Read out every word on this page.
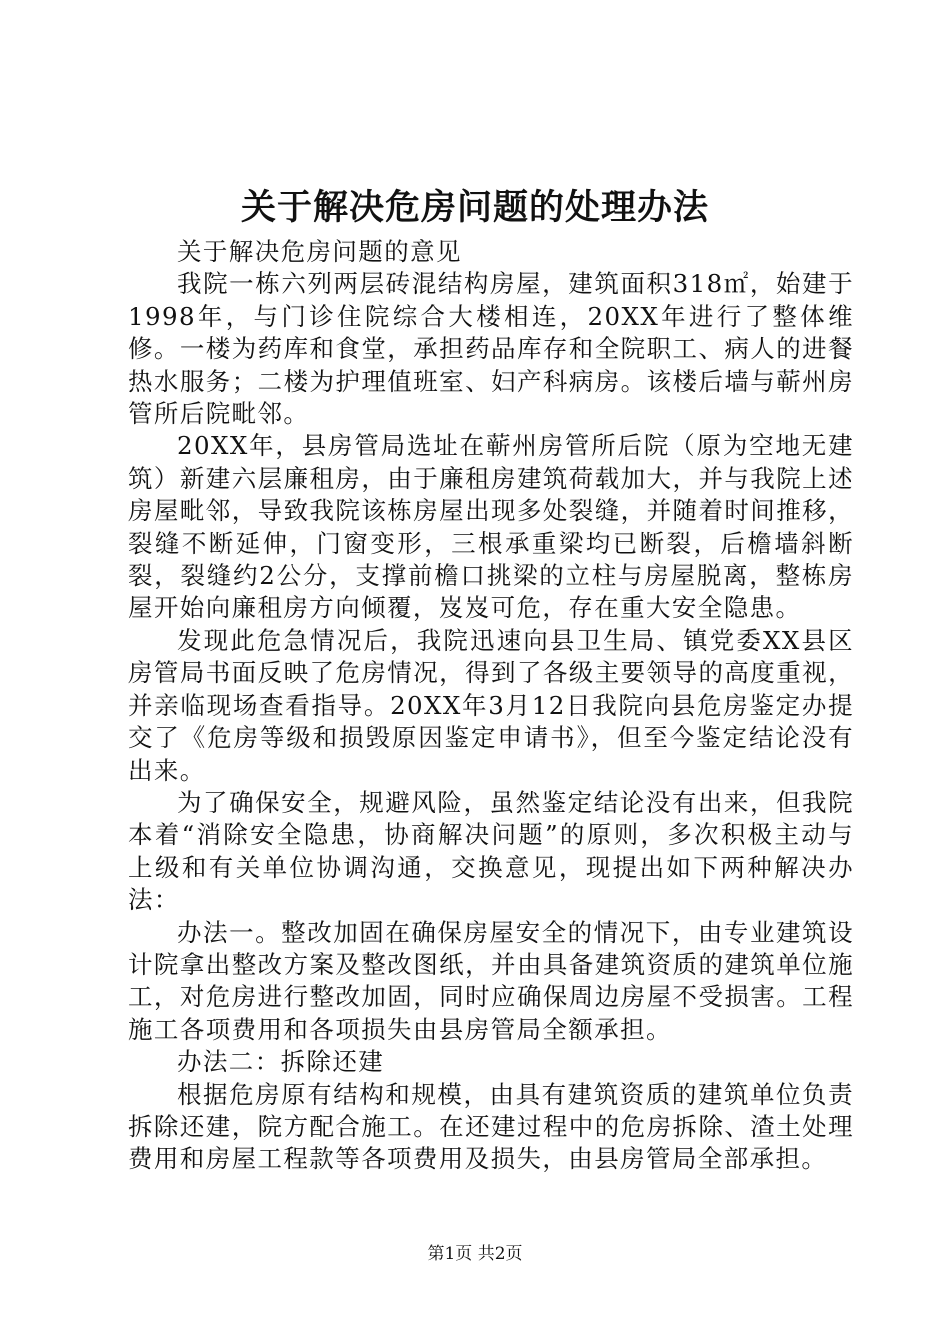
关于解决危房问题的处理办法

关于解决危房问题的意见

我院一栋六列两层砖混结构房屋，建筑面积318㎡，始建于1998年，与门诊住院综合大楼相连，20XX年进行了整体维修。一楼为药库和食堂，承担药品库存和全院职工、病人的进餐热水服务；二楼为护理值班室、妇产科病房。该楼后墙与蕲州房管所后院毗邻。

20XX年，县房管局选址在蕲州房管所后院（原为空地无建筑）新建六层廉租房，由于廉租房建筑荷载加大，并与我院上述房屋毗邻，导致我院该栋房屋出现多处裂缝，并随着时间推移，裂缝不断延伸，门窗变形，三根承重梁均已断裂，后檐墙斜断裂，裂缝约2公分，支撑前檐口挑梁的立柱与房屋脱离，整栋房屋开始向廉租房方向倾覆，岌岌可危，存在重大安全隐患。

发现此危急情况后，我院迅速向县卫生局、镇党委XX县区房管局书面反映了危房情况，得到了各级主要领导的高度重视，并亲临现场查看指导。20XX年3月12日我院向县危房鉴定办提交了《危房等级和损毁原因鉴定申请书》，但至今鉴定结论没有出来。

为了确保安全，规避风险，虽然鉴定结论没有出来，但我院本着“消除安全隐患，协商解决问题”的原则，多次积极主动与上级和有关单位协调沟通，交换意见，现提出如下两种解决办法：

办法一。整改加固在确保房屋安全的情况下，由专业建筑设计院拿出整改方案及整改图纸，并由具备建筑资质的建筑单位施工，对危房进行整改加固，同时应确保周边房屋不受损害。工程施工各项费用和各项损失由县房管局全额承担。

办法二：拆除还建

根据危房原有结构和规模，由具有建筑资质的建筑单位负责拆除还建，院方配合施工。在还建过程中的危房拆除、渣土处理费用和房屋工程款等各项费用及损失，由县房管局全部承担。

第1页 共2页
